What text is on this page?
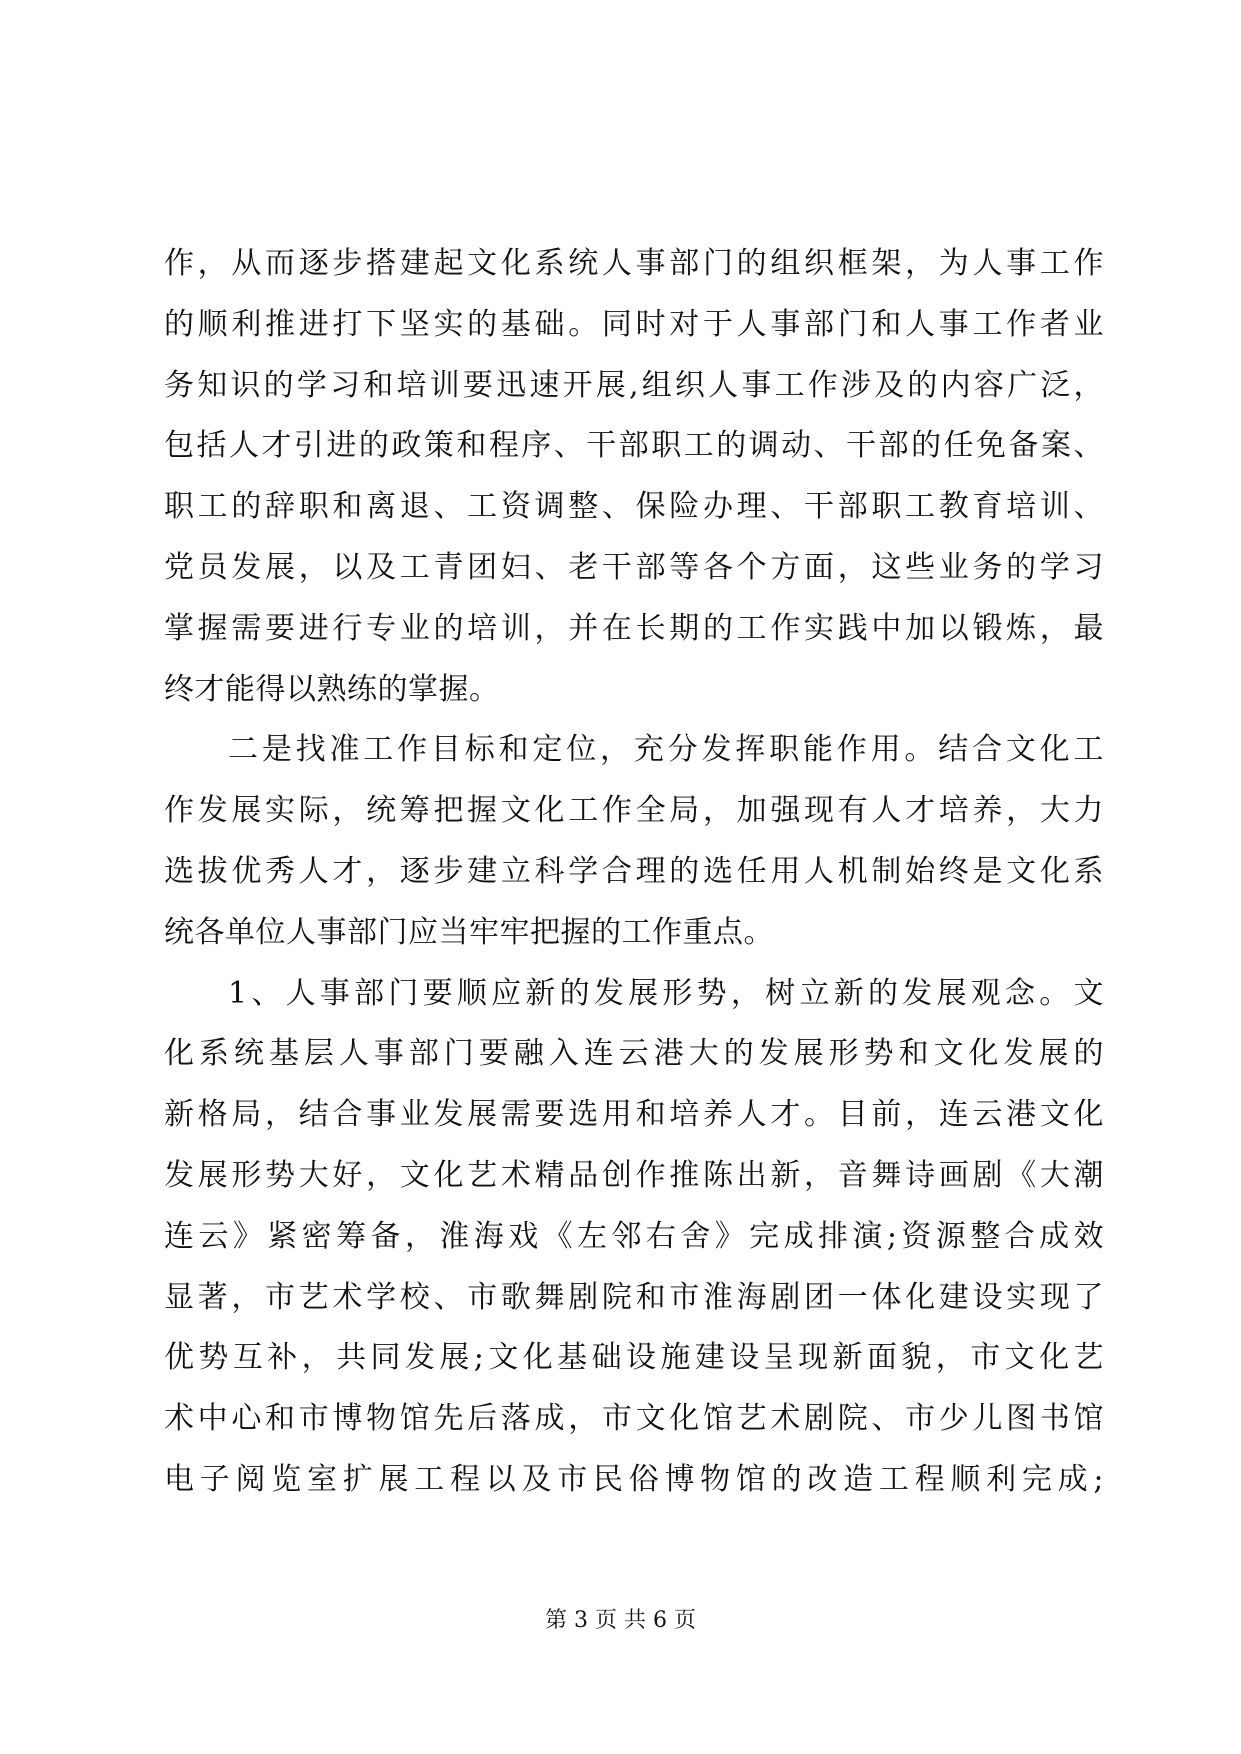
作，从而逐步搭建起文化系统人事部门的组织框架，为人事工作
的顺利推进打下坚实的基础。同时对于人事部门和人事工作者业
务知识的学习和培训要迅速开展,组织人事工作涉及的内容广泛，
包括人才引进的政策和程序、干部职工的调动、干部的任免备案、
职工的辞职和离退、工资调整、保险办理、干部职工教育培训、
党员发展，以及工青团妇、老干部等各个方面，这些业务的学习
掌握需要进行专业的培训，并在长期的工作实践中加以锻炼，最
终才能得以熟练的掌握。
二是找准工作目标和定位，充分发挥职能作用。结合文化工
作发展实际，统筹把握文化工作全局，加强现有人才培养，大力
选拔优秀人才，逐步建立科学合理的选任用人机制始终是文化系
统各单位人事部门应当牢牢把握的工作重点。
1、人事部门要顺应新的发展形势，树立新的发展观念。文
化系统基层人事部门要融入连云港大的发展形势和文化发展的
新格局，结合事业发展需要选用和培养人才。目前，连云港文化
发展形势大好，文化艺术精品创作推陈出新，音舞诗画剧《大潮
连云》紧密筹备，淮海戏《左邻右舍》完成排演;资源整合成效
显著，市艺术学校、市歌舞剧院和市淮海剧团一体化建设实现了
优势互补，共同发展;文化基础设施建设呈现新面貌，市文化艺
术中心和市博物馆先后落成，市文化馆艺术剧院、市少儿图书馆
电子阅览室扩展工程以及市民俗博物馆的改造工程顺利完成;
第 3 页 共 6 页
